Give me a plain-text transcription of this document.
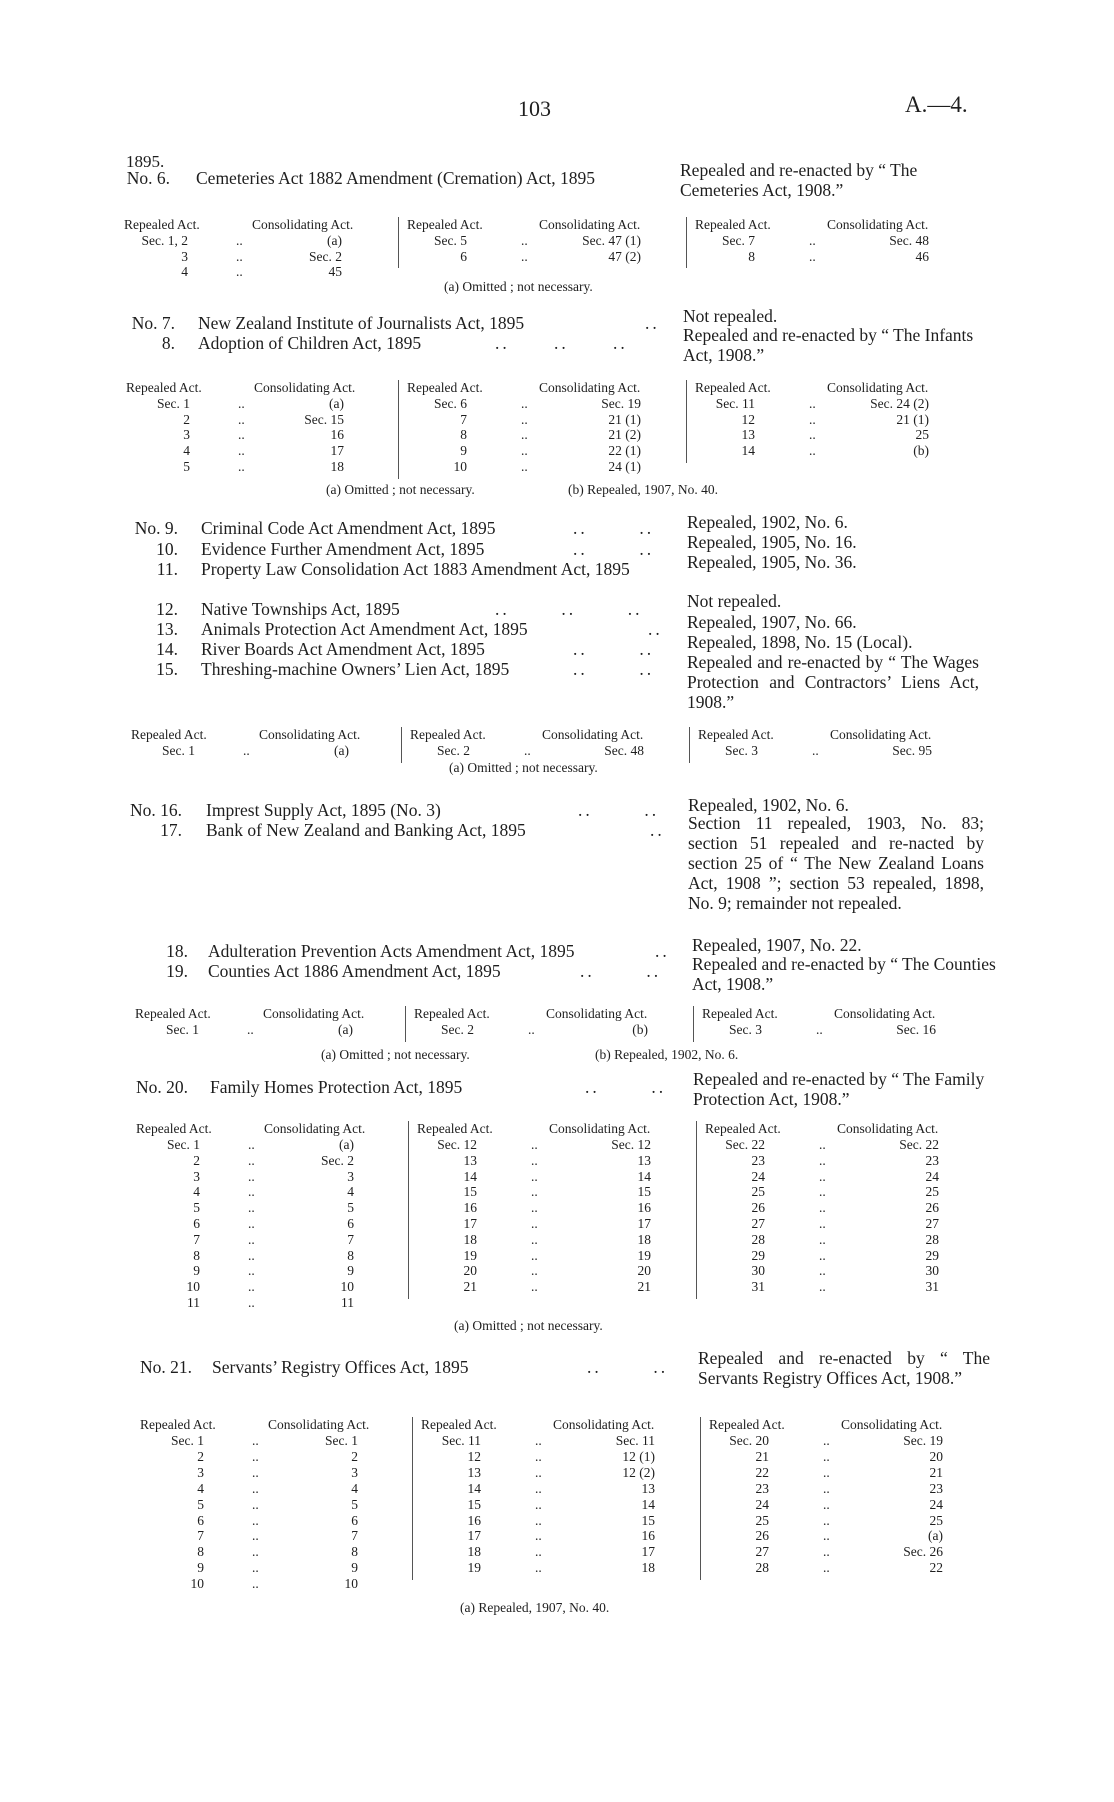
103	A.—4.
1895.
No. 6. Cemeteries Act 1882 Amendment (Cremation) Act, 1895	Repealed and re-enacted by “ The Cemeteries Act, 1908.”
No. 7. New Zealand Institute of Journalists Act, 1895	.. Not repealed.
8. Adoption of Children Act, 1895	..      ..      ..	Repealed and re-enacted by “ The Infants Act, 1908.”
No. 9. Criminal Code Act Amendment Act, 1895	..       .. Repealed, 1902, No. 6.
10. Evidence Further Amendment Act, 1895	..       .. Repealed, 1905, No. 16.
11. Property Law Consolidation Act 1883 Amendment Act, 1895	Repealed, 1905, No. 36.
12. Native Townships Act, 1895	..       ..       ..	Not repealed.
13. Animals Protection Act Amendment Act, 1895	.. Repealed, 1907, No. 66.
14. River Boards Act Amendment Act, 1895	..       .. Repealed, 1898, No. 15 (Local).
15. Threshing-machine Owners’ Lien Act, 1895	..       .. Repealed and re-enacted by “ The Wages Protection and Contractors’ Liens Act, 1908.”
No. 16. Imprest Supply Act, 1895 (No. 3)	..       .. Repealed, 1902, No. 6.
17. Bank of New Zealand and Banking Act, 1895	.. Section 11 repealed, 1903, No. 83; section 51 repealed and re-nacted by section 25 of “ The New Zealand Loans Act, 1908 ”; section 53 repealed, 1898, No. 9; remainder not repealed.
18. Adulteration Prevention Acts Amendment Act, 1895	.. Repealed, 1907, No. 22.
19. Counties Act 1886 Amendment Act, 1895	..       .. Repealed and re-enacted by “ The Counties Act, 1908.”
No. 20. Family Homes Protection Act, 1895	..       .. Repealed and re-enacted by “ The Family Protection Act, 1908.”
No. 21. Servants’ Registry Offices Act, 1895	..       .. Repealed and re-enacted by “ The Servants Registry Offices Act, 1908.”
Repealed Act.	Consolidating Act.
Sec. 1, 2	..	(a)
3	..	Sec. 2
4	..	45
Repealed Act.	Consolidating Act.
Sec. 5	..	Sec. 47 (1)
6	..	47 (2)
Repealed Act.	Consolidating Act.
Sec. 7	..	Sec. 48
8	..	46
(a) Omitted ; not necessary.
Repealed Act.	Consolidating Act.
Sec. 1	..	(a)
2	..	Sec. 15
3	..	16
4	..	17
5	..	18
Repealed Act.	Consolidating Act.
Sec. 6	..	Sec. 19
7	..	21 (1)
8	..	21 (2)
9	..	22 (1)
10	..	24 (1)
Repealed Act.	Consolidating Act.
Sec. 11	..	Sec. 24 (2)
12	..	21 (1)
13	..	25
14	..	(b)
(a) Omitted ; not necessary.	(b) Repealed, 1907, No. 40.
Repealed Act.	Consolidating Act.
Sec. 1	..	(a)
Repealed Act.	Consolidating Act.
Sec. 2	..	Sec. 48
Repealed Act.	Consolidating Act.
Sec. 3	..	Sec. 95
(a) Omitted ; not necessary.
Repealed Act.	Consolidating Act.
Sec. 1	..	(a)
Repealed Act.	Consolidating Act.
Sec. 2	..	(b)
Repealed Act.	Consolidating Act.
Sec. 3	..	Sec. 16
(a) Omitted ; not necessary.	(b) Repealed, 1902, No. 6.
Repealed Act.	Consolidating Act.
Sec. 1	..	(a)
2	..	Sec. 2
3	..	3
4	..	4
5	..	5
6	..	6
7	..	7
8	..	8
9	..	9
10	..	10
11	..	11
Repealed Act.	Consolidating Act.
Sec. 12	..	Sec. 12
13	..	13
14	..	14
15	..	15
16	..	16
17	..	17
18	..	18
19	..	19
20	..	20
21	..	21
Repealed Act.	Consolidating Act.
Sec. 22	..	Sec. 22
23	..	23
24	..	24
25	..	25
26	..	26
27	..	27
28	..	28
29	..	29
30	..	30
31	..	31
(a) Omitted ; not necessary.
Repealed Act.	Consolidating Act.
Sec. 1	..	Sec. 1
2	..	2
3	..	3
4	..	4
5	..	5
6	..	6
7	..	7
8	..	8
9	..	9
10	..	10
Repealed Act.	Consolidating Act.
Sec. 11	..	Sec. 11
12	..	12 (1)
13	..	12 (2)
14	..	13
15	..	14
16	..	15
17	..	16
18	..	17
19	..	18
Repealed Act.	Consolidating Act.
Sec. 20	..	Sec. 19
21	..	20
22	..	21
23	..	23
24	..	24
25	..	25
26	..	(a)
27	..	Sec. 26
28	..	22
(a) Repealed, 1907, No. 40.
